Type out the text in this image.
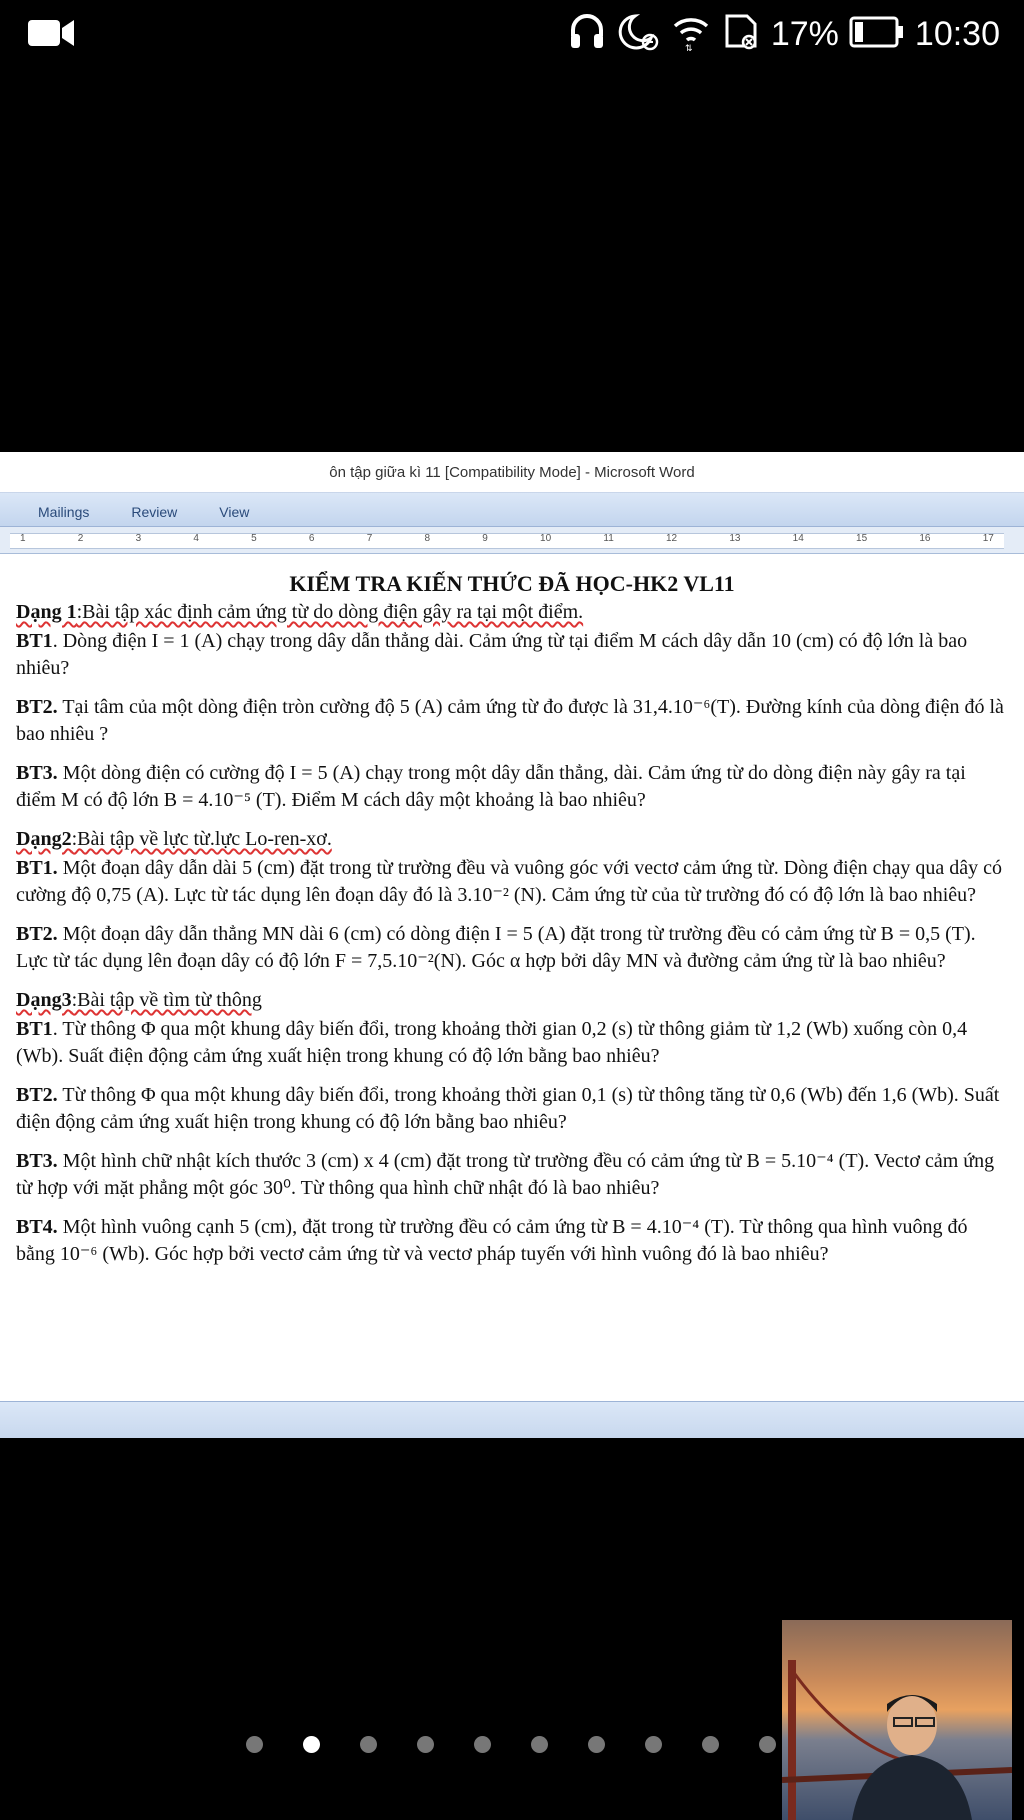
⇅ 17% 10:30
ôn tập giữa kì 11 [Compatibility Mode] - Microsoft Word
Mailings	Review	View
1	2	3	4	5	6	7	8	9	10	11	12	13	14	15	16	17

KIỂM TRA KIẾN THỨC ĐÃ HỌC-HK2 VL11

Dạng 1:Bài tập xác định cảm ứng từ do dòng điện gây ra tại một điểm.

BT1. Dòng điện I = 1 (A) chạy trong dây dẫn thẳng dài. Cảm ứng từ tại điểm M cách dây dẫn 10 (cm) có độ lớn là bao nhiêu?

BT2. Tại tâm của một dòng điện tròn cường độ 5 (A) cảm ứng từ đo được là 31,4.10⁻⁶(T). Đường kính của dòng điện đó là bao nhiêu ?

BT3. Một dòng điện có cường độ I = 5 (A) chạy trong một dây dẫn thẳng, dài. Cảm ứng từ do dòng điện này gây ra tại điểm M có độ lớn B = 4.10⁻⁵ (T). Điểm M cách dây một khoảng là bao nhiêu?

Dạng2:Bài tập về lực từ.lực Lo-ren-xơ.

BT1. Một đoạn dây dẫn dài 5 (cm) đặt trong từ trường đều và vuông góc với vectơ cảm ứng từ. Dòng điện chạy qua dây có cường độ 0,75 (A). Lực từ tác dụng lên đoạn dây đó là 3.10⁻² (N). Cảm ứng từ của từ trường đó có độ lớn là bao nhiêu?

BT2. Một đoạn dây dẫn thẳng MN dài 6 (cm) có dòng điện I = 5 (A) đặt trong từ trường đều có cảm ứng từ B = 0,5 (T). Lực từ tác dụng lên đoạn dây có độ lớn F = 7,5.10⁻²(N). Góc α hợp bởi dây MN và đường cảm ứng từ là bao nhiêu?

Dạng3:Bài tập về tìm từ thông

BT1. Từ thông Φ qua một khung dây biến đổi, trong khoảng thời gian 0,2 (s) từ thông giảm từ 1,2 (Wb) xuống còn 0,4 (Wb). Suất điện động cảm ứng xuất hiện trong khung có độ lớn bằng bao nhiêu?

BT2. Từ thông Φ qua một khung dây biến đổi, trong khoảng thời gian 0,1 (s) từ thông tăng từ 0,6 (Wb) đến 1,6 (Wb). Suất điện động cảm ứng xuất hiện trong khung có độ lớn bằng bao nhiêu?

BT3. Một hình chữ nhật kích thước 3 (cm) x 4 (cm) đặt trong từ trường đều có cảm ứng từ B = 5.10⁻⁴ (T). Vectơ cảm ứng từ hợp với mặt phẳng một góc 30⁰. Từ thông qua hình chữ nhật đó là bao nhiêu?

BT4. Một hình vuông cạnh 5 (cm), đặt trong từ trường đều có cảm ứng từ B = 4.10⁻⁴ (T). Từ thông qua hình vuông đó bằng 10⁻⁶ (Wb). Góc hợp bởi vectơ cảm ứng từ và vectơ pháp tuyến với hình vuông đó là bao nhiêu?
